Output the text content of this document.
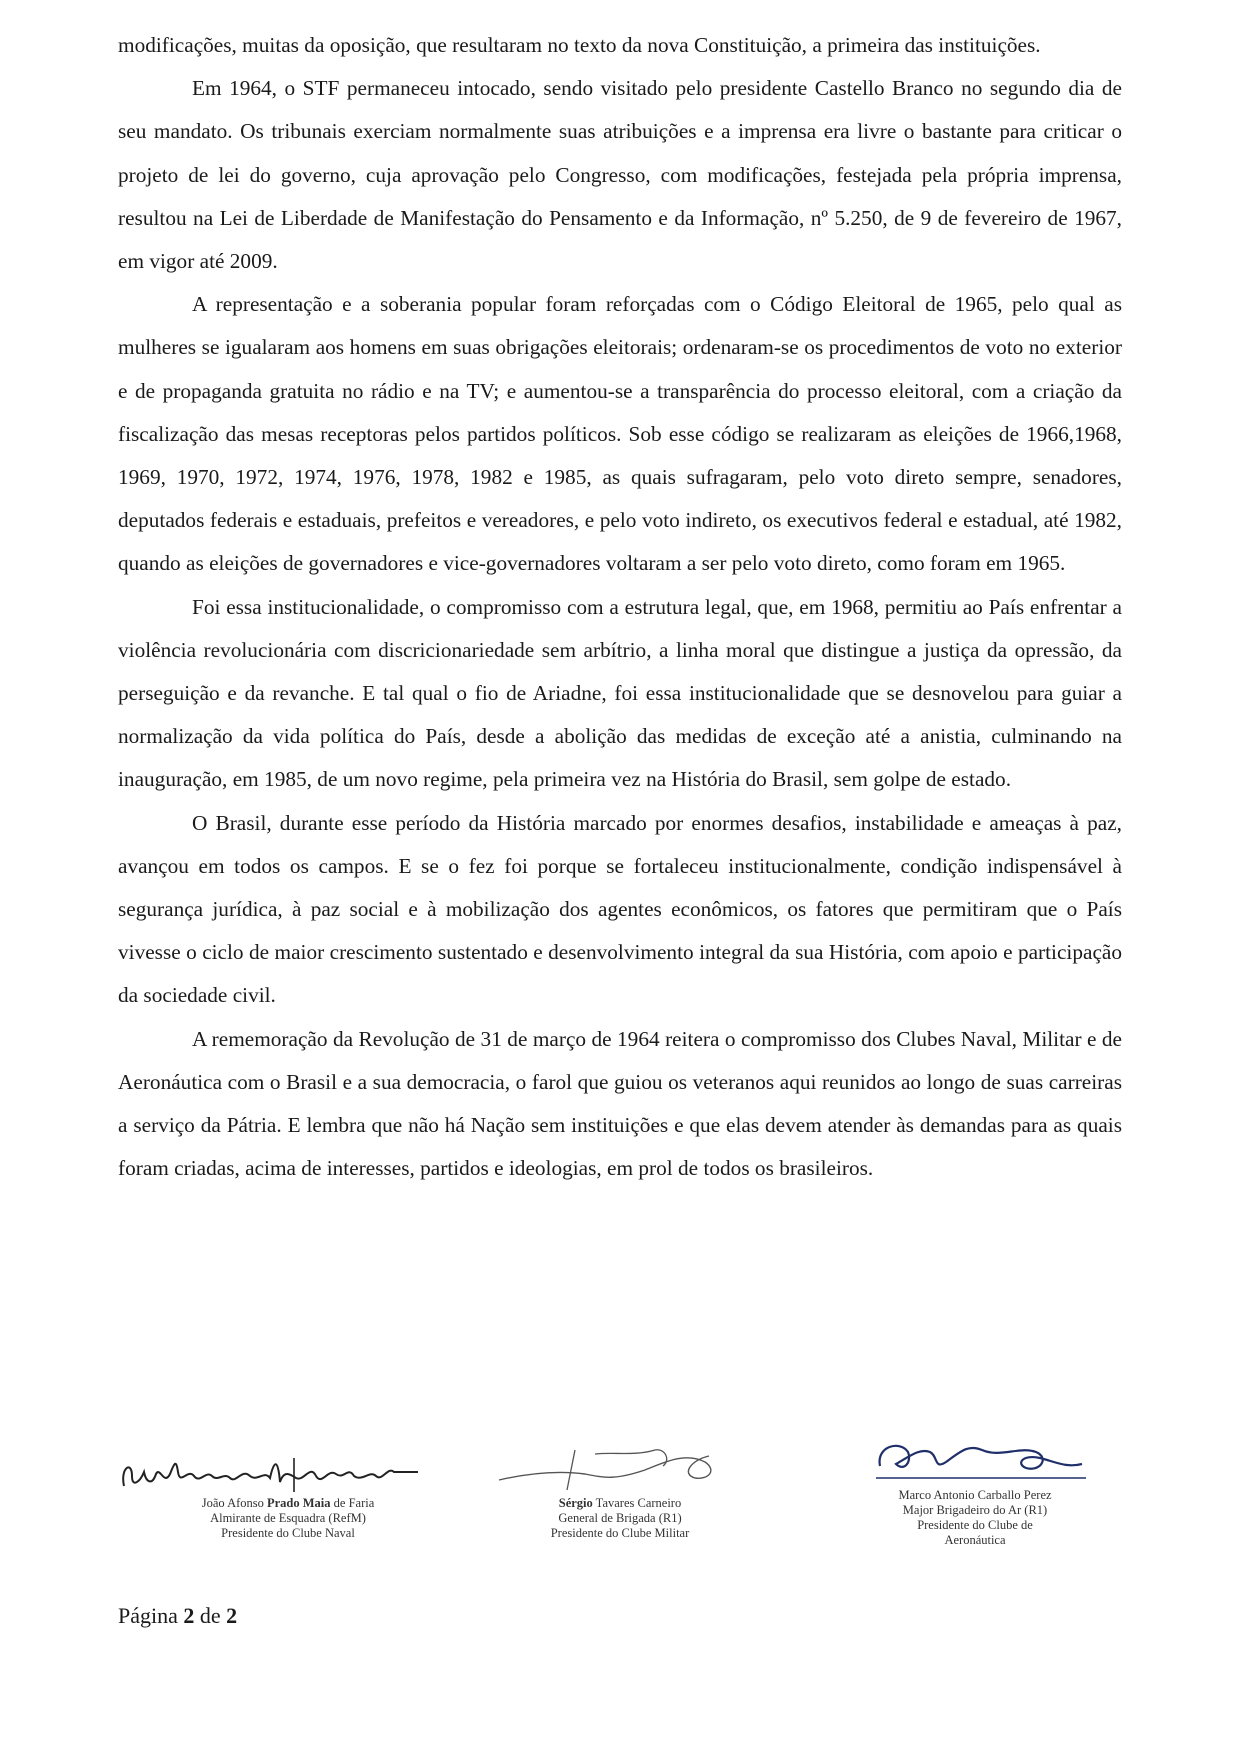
modificações, muitas da oposição, que resultaram no texto da nova Constituição, a primeira das instituições.

Em 1964, o STF permaneceu intocado, sendo visitado pelo presidente Castello Branco no segundo dia de seu mandato. Os tribunais exerciam normalmente suas atribuições e a imprensa era livre o bastante para criticar o projeto de lei do governo, cuja aprovação pelo Congresso, com modificações, festejada pela própria imprensa, resultou na Lei de Liberdade de Manifestação do Pensamento e da Informação, nº 5.250, de 9 de fevereiro de 1967, em vigor até 2009.

A representação e a soberania popular foram reforçadas com o Código Eleitoral de 1965, pelo qual as mulheres se igualaram aos homens em suas obrigações eleitorais; ordenaram-se os procedimentos de voto no exterior e de propaganda gratuita no rádio e na TV; e aumentou-se a transparência do processo eleitoral, com a criação da fiscalização das mesas receptoras pelos partidos políticos. Sob esse código se realizaram as eleições de 1966,1968, 1969, 1970, 1972, 1974, 1976, 1978, 1982 e 1985, as quais sufragaram, pelo voto direto sempre, senadores, deputados federais e estaduais, prefeitos e vereadores, e pelo voto indireto, os executivos federal e estadual, até 1982, quando as eleições de governadores e vice-governadores voltaram a ser pelo voto direto, como foram em 1965.

Foi essa institucionalidade, o compromisso com a estrutura legal, que, em 1968, permitiu ao País enfrentar a violência revolucionária com discricionariedade sem arbítrio, a linha moral que distingue a justiça da opressão, da perseguição e da revanche. E tal qual o fio de Ariadne, foi essa institucionalidade que se desnovelou para guiar a normalização da vida política do País, desde a abolição das medidas de exceção até a anistia, culminando na inauguração, em 1985, de um novo regime, pela primeira vez na História do Brasil, sem golpe de estado.

O Brasil, durante esse período da História marcado por enormes desafios, instabilidade e ameaças à paz, avançou em todos os campos. E se o fez foi porque se fortaleceu institucionalmente, condição indispensável à segurança jurídica, à paz social e à mobilização dos agentes econômicos, os fatores que permitiram que o País vivesse o ciclo de maior crescimento sustentado e desenvolvimento integral da sua História, com apoio e participação da sociedade civil.

A rememoração da Revolução de 31 de março de 1964 reitera o compromisso dos Clubes Naval, Militar e de Aeronáutica com o Brasil e a sua democracia, o farol que guiou os veteranos aqui reunidos ao longo de suas carreiras a serviço da Pátria. E lembra que não há Nação sem instituições e que elas devem atender às demandas para as quais foram criadas, acima de interesses, partidos e ideologias, em prol de todos os brasileiros.

João Afonso Prado Maia de Faria
Almirante de Esquadra (RefM)
Presidente do Clube Naval
Sérgio Tavares Carneiro
General de Brigada (R1)
Presidente do Clube Militar
Marco Antonio Carballo Perez
Major Brigadeiro do Ar (R1)
Presidente do Clube de
Aeronáutica
Página 2 de 2
